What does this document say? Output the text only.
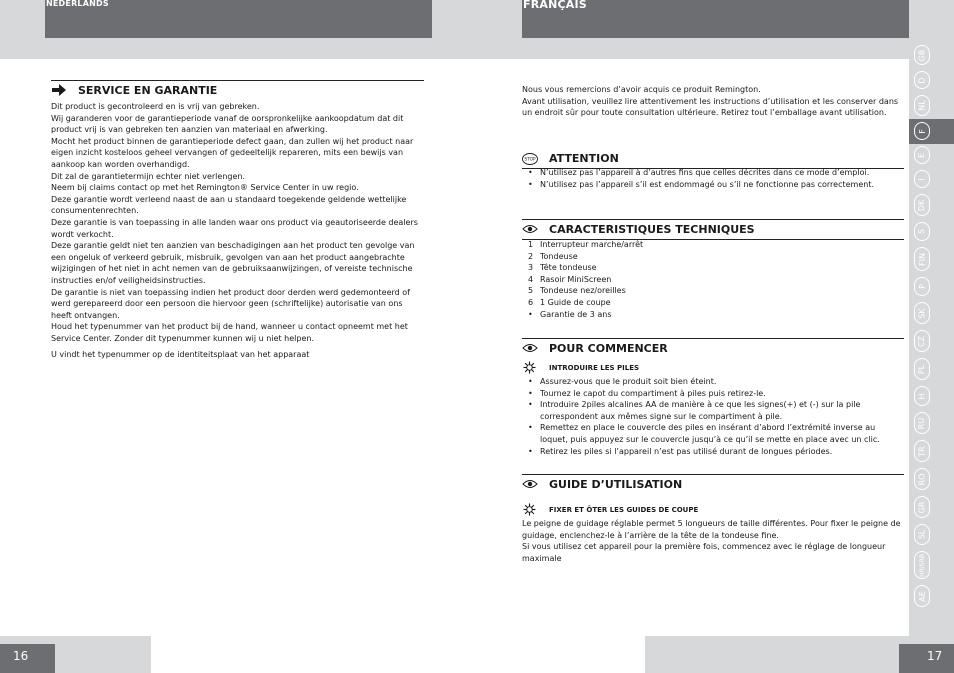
NEDERLANDS	FRANÇAIS
SERVICE EN GARANTIE

Dit product is gecontroleerd en is vrij van gebreken.

Wij garanderen voor de garantieperiode vanaf de oorspronkelijke aankoopdatum dat dit product vrij is van gebreken ten aanzien van materiaal en afwerking.

Mocht het product binnen de garantieperiode defect gaan, dan zullen wij het product naar eigen inzicht kosteloos geheel vervangen of gedeeltelijk repareren, mits een bewijs van aankoop kan worden overhandigd.

Dit zal de garantietermijn echter niet verlengen.

Neem bij claims contact op met het Remington® Service Center in uw regio.

Deze garantie wordt verleend naast de aan u standaard toegekende geldende wettelijke consumentenrechten.

Deze garantie is van toepassing in alle landen waar ons product via geautoriseerde dealers wordt verkocht.

Deze garantie geldt niet ten aanzien van beschadigingen aan het product ten gevolge van een ongeluk of verkeerd gebruik, misbruik, gevolgen van aan het product aangebrachte wijzigingen of het niet in acht nemen van de gebruiksaanwijzingen, of vereiste technische instructies en/of veiligheidsinstructies.

De garantie is niet van toepassing indien het product door derden werd gedemonteerd of werd gerepareerd door een persoon die hiervoor geen (schriftelijke) autorisatie van ons heeft ontvangen.

Houd het typenummer van het product bij de hand, wanneer u contact opneemt met het Service Center. Zonder dit typenummer kunnen wij u niet helpen.

U vindt het typenummer op de identiteitsplaat van het apparaat

Nous vous remercions d’avoir acquis ce produit Remington.

Avant utilisation, veuillez lire attentivement les instructions d’utilisation et les conserver dans un endroit sûr pour toute consultation ultérieure. Retirez tout l’emballage avant utilisation.

STOP ATTENTION
• N’utilisez pas l’appareil à d’autres fins que celles décrites dans ce mode d’emploi.
• N’utilisez pas l’appareil s’il est endommagé ou s’il ne fonctionne pas correctement.
CARACTERISTIQUES TECHNIQUES
1 Interrupteur marche/arrêt
2 Tondeuse
3 Tête tondeuse
4 Rasoir MiniScreen
5 Tondeuse nez/oreilles
6 1 Guide de coupe
• Garantie de 3 ans
POUR COMMENCER
INTRODUIRE LES PILES
• Assurez-vous que le produit soit bien éteint.
• Tournez le capot du compartiment à piles puis retirez-le.
• Introduire 2piles alcalines AA de manière à ce que les signes(+) et (-) sur la pile correspondent aux mêmes signe sur le compartiment à pile.
• Remettez en place le couvercle des piles en insérant d’abord l’extrémité inverse au loquet, puis appuyez sur le couvercle jusqu’à ce qu’il se mette en place avec un clic.
• Retirez les piles si l’appareil n’est pas utilisé durant de longues périodes.
GUIDE D’UTILISATION
FIXER ET ÔTER LES GUIDES DE COUPE

Le peigne de guidage réglable permet 5 longueurs de taille différentes. Pour fixer le peigne de guidage, enclenchez-le à l’arrière de la tête de la tondeuse fine.

Si vous utilisez cet appareil pour la première fois, commencez avec le réglage de longueur maximale

GB
D
NL
F
E
I
DK
S
FIN
P
SK
CZ
PL
H
RU
TR
RO
GR
SL
HR/SRB
AE
16	17
